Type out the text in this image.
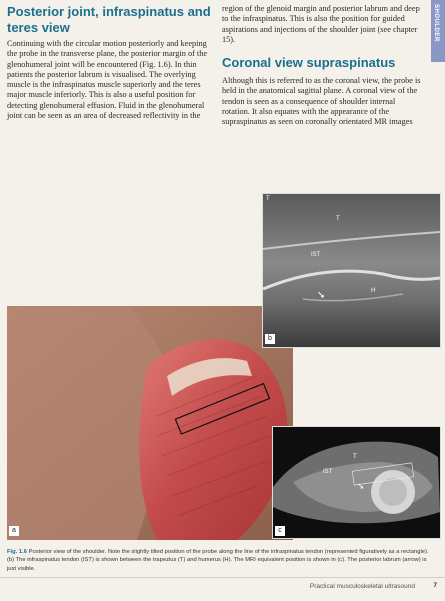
SHOULDER
Posterior joint, infraspinatus and teres view

Continuing with the circular motion posteriorly and keeping the probe in the transverse plane, the posterior margin of the glenohumeral joint will be encountered (Fig. 1.6). In thin patients the posterior labrum is visualised. The overlying muscle is the infraspinatus muscle superiorly and the teres major muscle inferiorly. This is also a useful position for detecting glenohumeral effusion. Fluid in the glenohumeral joint can be seen as an area of decreased reflectivity in the

region of the glenoid margin and posterior labrum and deep to the infraspinatus. This is also the position for guided aspirations and injections of the shoulder joint (see chapter 15).

Coronal view supraspinatus

Although this is referred to as the coronal view, the probe is held in the anatomical sagittal plane. A coronal view of the tendon is seen as a consequence of shoulder internal rotation. It also equates with the appearance of the supraspinatus as seen on coronally orientated MR images

a
T
T
IST
H
➘
b
T
IST
➘
c
Fig. 1.6 Posterior view of the shoulder. Note the slightly tilted position of the probe along the line of the infraspinatus tendon (represented figuratively as a rectangle). (b) The infraspinatus tendon (IST) is shown between the trapezius (T) and humerus (H). The MRI equivalent position is shown in (c). The posterior labrum (arrow) is just visible.
Practical musculoskeletal ultrasound	7
